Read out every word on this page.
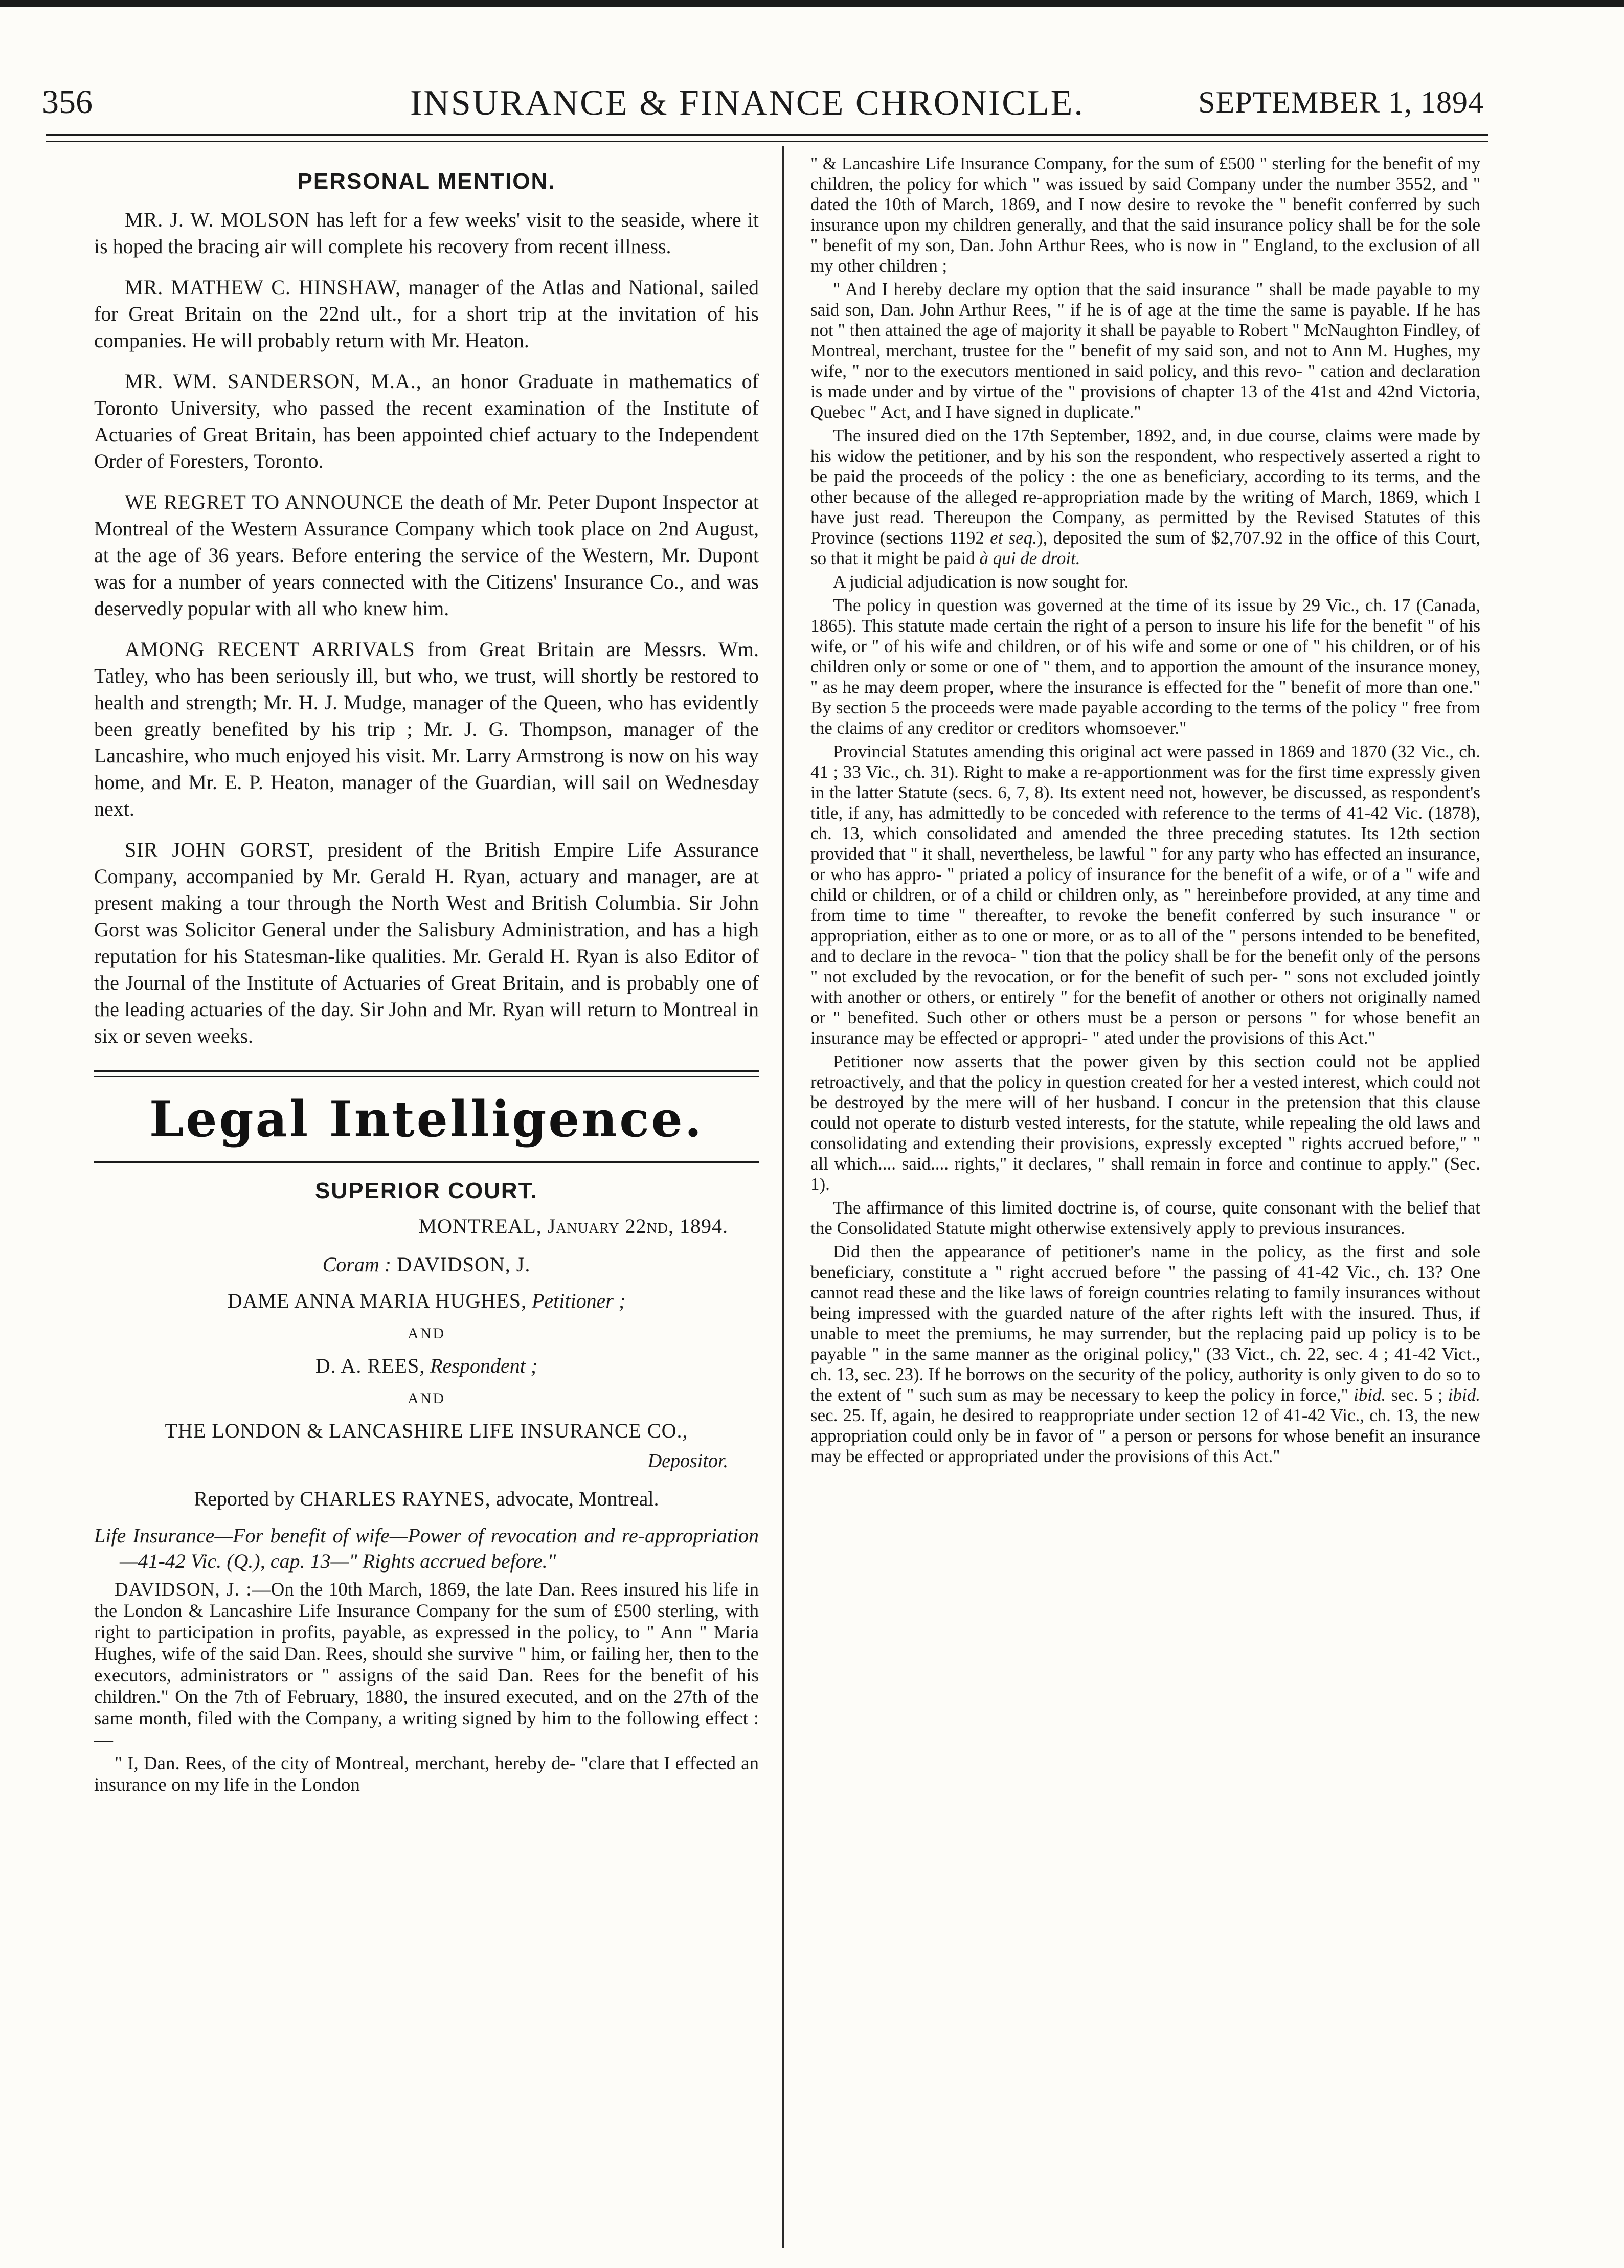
356	INSURANCE & FINANCE CHRONICLE.	SEPTEMBER 1, 1894
PERSONAL MENTION.

MR. J. W. MOLSON has left for a few weeks' visit to the seaside, where it is hoped the bracing air will complete his recovery from recent illness.

MR. MATHEW C. HINSHAW, manager of the Atlas and National, sailed for Great Britain on the 22nd ult., for a short trip at the invitation of his companies. He will probably return with Mr. Heaton.

MR. WM. SANDERSON, M.A., an honor Graduate in mathematics of Toronto University, who passed the recent examination of the Institute of Actuaries of Great Britain, has been appointed chief actuary to the Independent Order of Foresters, Toronto.

WE REGRET TO ANNOUNCE the death of Mr. Peter Dupont Inspector at Montreal of the Western Assurance Company which took place on 2nd August, at the age of 36 years. Before entering the service of the Western, Mr. Dupont was for a number of years connected with the Citizens' Insurance Co., and was deservedly popular with all who knew him.

AMONG RECENT ARRIVALS from Great Britain are Messrs. Wm. Tatley, who has been seriously ill, but who, we trust, will shortly be restored to health and strength; Mr. H. J. Mudge, manager of the Queen, who has evidently been greatly benefited by his trip ; Mr. J. G. Thompson, manager of the Lancashire, who much enjoyed his visit. Mr. Larry Armstrong is now on his way home, and Mr. E. P. Heaton, manager of the Guardian, will sail on Wednesday next.

SIR JOHN GORST, president of the British Empire Life Assurance Company, accompanied by Mr. Gerald H. Ryan, actuary and manager, are at present making a tour through the North West and British Columbia. Sir John Gorst was Solicitor General under the Salisbury Administration, and has a high reputation for his Statesman-like qualities. Mr. Gerald H. Ryan is also Editor of the Journal of the Institute of Actuaries of Great Britain, and is probably one of the leading actuaries of the day. Sir John and Mr. Ryan will return to Montreal in six or seven weeks.

Legal Intelligence.
SUPERIOR COURT.
MONTREAL, January 22nd, 1894.
Coram : DAVIDSON, J.
DAME ANNA MARIA HUGHES, Petitioner ;
AND
D. A. REES, Respondent ;
AND
THE LONDON & LANCASHIRE LIFE INSURANCE CO.,
Depositor.
Reported by CHARLES RAYNES, advocate, Montreal.

Life Insurance—For benefit of wife—Power of revocation and re-appropriation—41-42 Vic. (Q.), cap. 13—" Rights accrued before."

DAVIDSON, J. :—On the 10th March, 1869, the late Dan. Rees insured his life in the London & Lancashire Life Insurance Company for the sum of £500 sterling, with right to participation in profits, payable, as expressed in the policy, to " Ann " Maria Hughes, wife of the said Dan. Rees, should she survive " him, or failing her, then to the executors, administrators or " assigns of the said Dan. Rees for the benefit of his children." On the 7th of February, 1880, the insured executed, and on the 27th of the same month, filed with the Company, a writing signed by him to the following effect :—

" I, Dan. Rees, of the city of Montreal, merchant, hereby de- "clare that I effected an insurance on my life in the London

" & Lancashire Life Insurance Company, for the sum of £500 " sterling for the benefit of my children, the policy for which " was issued by said Company under the number 3552, and " dated the 10th of March, 1869, and I now desire to revoke the " benefit conferred by such insurance upon my children generally, and that the said insurance policy shall be for the sole " benefit of my son, Dan. John Arthur Rees, who is now in " England, to the exclusion of all my other children ;

" And I hereby declare my option that the said insurance " shall be made payable to my said son, Dan. John Arthur Rees, " if he is of age at the time the same is payable. If he has not " then attained the age of majority it shall be payable to Robert " McNaughton Findley, of Montreal, merchant, trustee for the " benefit of my said son, and not to Ann M. Hughes, my wife, " nor to the executors mentioned in said policy, and this revo- " cation and declaration is made under and by virtue of the " provisions of chapter 13 of the 41st and 42nd Victoria, Quebec " Act, and I have signed in duplicate."

The insured died on the 17th September, 1892, and, in due course, claims were made by his widow the petitioner, and by his son the respondent, who respectively asserted a right to be paid the proceeds of the policy : the one as beneficiary, according to its terms, and the other because of the alleged re-appropriation made by the writing of March, 1869, which I have just read. Thereupon the Company, as permitted by the Revised Statutes of this Province (sections 1192 et seq.), deposited the sum of $2,707.92 in the office of this Court, so that it might be paid à qui de droit.

A judicial adjudication is now sought for.

The policy in question was governed at the time of its issue by 29 Vic., ch. 17 (Canada, 1865). This statute made certain the right of a person to insure his life for the benefit " of his wife, or " of his wife and children, or of his wife and some or one of " his children, or of his children only or some or one of " them, and to apportion the amount of the insurance money, " as he may deem proper, where the insurance is effected for the " benefit of more than one." By section 5 the proceeds were made payable according to the terms of the policy " free from the claims of any creditor or creditors whomsoever."

Provincial Statutes amending this original act were passed in 1869 and 1870 (32 Vic., ch. 41 ; 33 Vic., ch. 31). Right to make a re-apportionment was for the first time expressly given in the latter Statute (secs. 6, 7, 8). Its extent need not, however, be discussed, as respondent's title, if any, has admittedly to be conceded with reference to the terms of 41-42 Vic. (1878), ch. 13, which consolidated and amended the three preceding statutes. Its 12th section provided that " it shall, nevertheless, be lawful " for any party who has effected an insurance, or who has appro- " priated a policy of insurance for the benefit of a wife, or of a " wife and child or children, or of a child or children only, as " hereinbefore provided, at any time and from time to time " thereafter, to revoke the benefit conferred by such insurance " or appropriation, either as to one or more, or as to all of the " persons intended to be benefited, and to declare in the revoca- " tion that the policy shall be for the benefit only of the persons " not excluded by the revocation, or for the benefit of such per- " sons not excluded jointly with another or others, or entirely " for the benefit of another or others not originally named or " benefited. Such other or others must be a person or persons " for whose benefit an insurance may be effected or appropri- " ated under the provisions of this Act."

Petitioner now asserts that the power given by this section could not be applied retroactively, and that the policy in question created for her a vested interest, which could not be destroyed by the mere will of her husband. I concur in the pretension that this clause could not operate to disturb vested interests, for the statute, while repealing the old laws and consolidating and extending their provisions, expressly excepted " rights accrued before," " all which.... said.... rights," it declares, " shall remain in force and continue to apply." (Sec. 1).

The affirmance of this limited doctrine is, of course, quite consonant with the belief that the Consolidated Statute might otherwise extensively apply to previous insurances.

Did then the appearance of petitioner's name in the policy, as the first and sole beneficiary, constitute a " right accrued before " the passing of 41-42 Vic., ch. 13? One cannot read these and the like laws of foreign countries relating to family insurances without being impressed with the guarded nature of the after rights left with the insured. Thus, if unable to meet the premiums, he may surrender, but the replacing paid up policy is to be payable " in the same manner as the original policy," (33 Vict., ch. 22, sec. 4 ; 41-42 Vict., ch. 13, sec. 23). If he borrows on the security of the policy, authority is only given to do so to the extent of " such sum as may be necessary to keep the policy in force," ibid. sec. 5 ; ibid. sec. 25. If, again, he desired to reappropriate under section 12 of 41-42 Vic., ch. 13, the new appropriation could only be in favor of " a person or persons for whose benefit an insurance may be effected or appropriated under the provisions of this Act."
